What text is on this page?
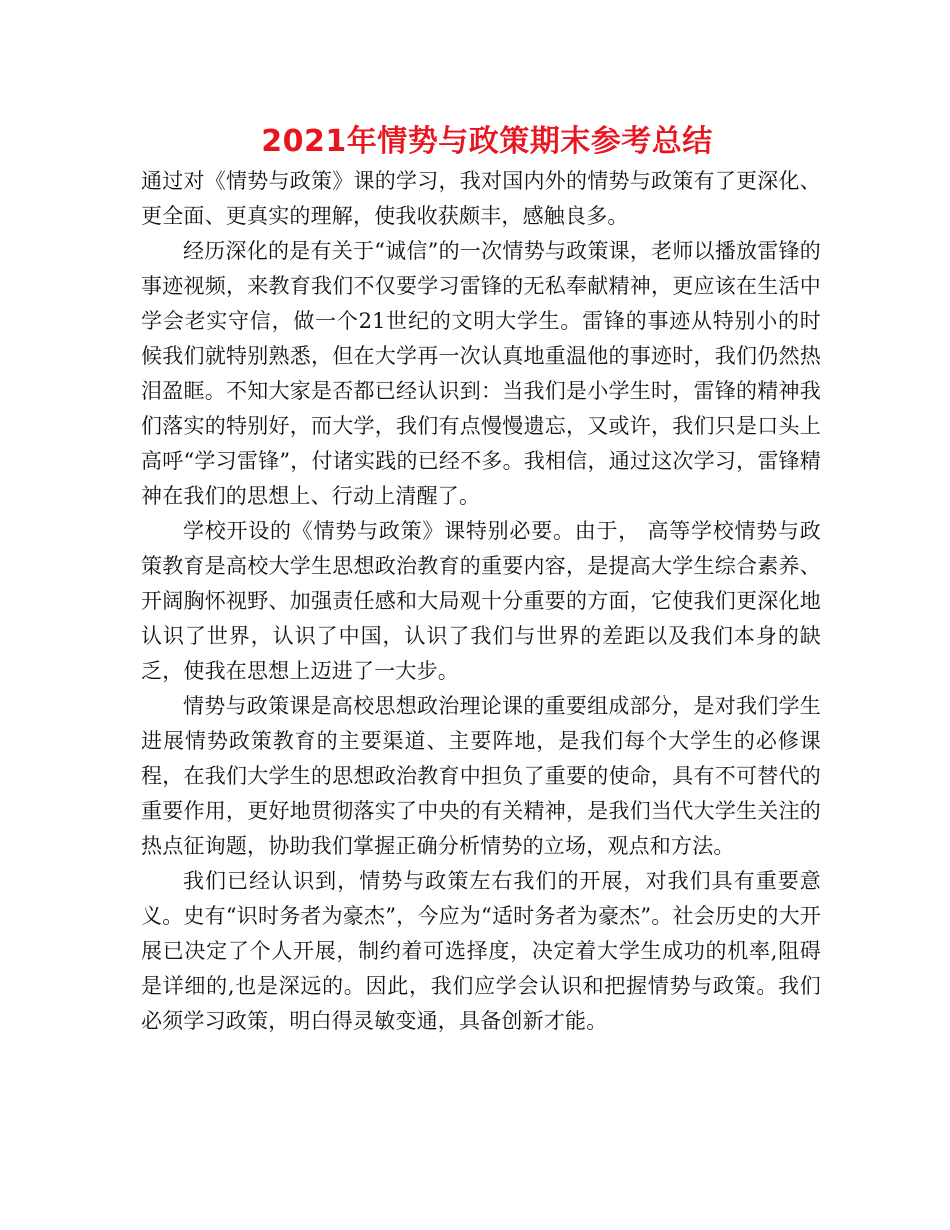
2021年情势与政策期末参考总结

通过对《情势与政策》课的学习，我对国内外的情势与政策有了更深化、更全面、更真实的理解，使我收获颇丰，感触良多。

经历深化的是有关于“诚信”的一次情势与政策课，老师以播放雷锋的事迹视频，来教育我们不仅要学习雷锋的无私奉献精神，更应该在生活中学会老实守信，做一个21世纪的文明大学生。雷锋的事迹从特别小的时候我们就特别熟悉，但在大学再一次认真地重温他的事迹时，我们仍然热泪盈眶。不知大家是否都已经认识到：当我们是小学生时，雷锋的精神我们落实的特别好，而大学，我们有点慢慢遗忘，又或许，我们只是口头上高呼“学习雷锋”，付诸实践的已经不多。我相信，通过这次学习，雷锋精神在我们的思想上、行动上清醒了。

学校开设的《情势与政策》课特别必要。由于， 高等学校情势与政策教育是高校大学生思想政治教育的重要内容，是提高大学生综合素养、开阔胸怀视野、加强责任感和大局观十分重要的方面，它使我们更深化地认识了世界，认识了中国，认识了我们与世界的差距以及我们本身的缺乏，使我在思想上迈进了一大步。

情势与政策课是高校思想政治理论课的重要组成部分，是对我们学生进展情势政策教育的主要渠道、主要阵地，是我们每个大学生的必修课程，在我们大学生的思想政治教育中担负了重要的使命，具有不可替代的重要作用，更好地贯彻落实了中央的有关精神，是我们当代大学生关注的热点征询题，协助我们掌握正确分析情势的立场，观点和方法。

我们已经认识到，情势与政策左右我们的开展，对我们具有重要意义。史有“识时务者为豪杰”，今应为“适时务者为豪杰”。社会历史的大开展已决定了个人开展，制约着可选择度，决定着大学生成功的机率,阻碍是详细的,也是深远的。因此，我们应学会认识和把握情势与政策。我们必须学习政策，明白得灵敏变通，具备创新才能。
